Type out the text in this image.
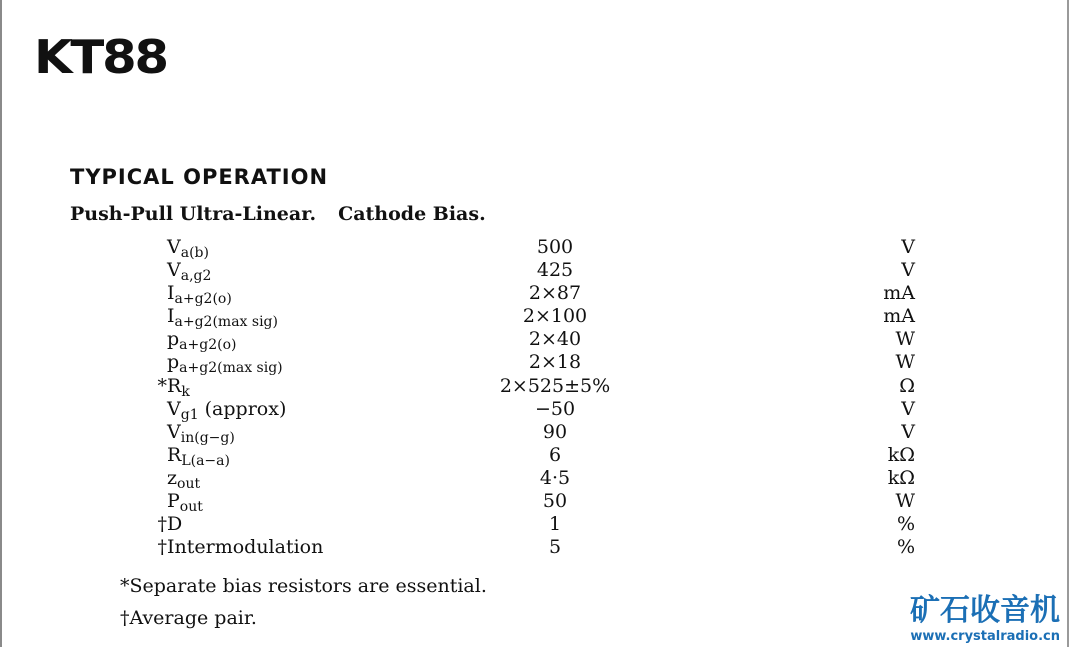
KT88
TYPICAL OPERATION
Push-Pull Ultra-Linear. Cathode Bias.
$V_{a(b)}$	500	V
$V_{a,g2}$	425	V
$I_{a+g2(o)}$	2×87	mA
$I_{a+g2(max sig)}$	2×100	mA
$p_{a+g2(o)}$	2×40	W
$p_{a+g2(max sig)}$	2×18	W
$*R_k$	2×525±5%	Ω
$V_{g1}$ (approx)	−50	V
$V_{in(g-g)}$	90	V
$R_{L(a-a)}$	6	kΩ
$z_{out}$	4·5	kΩ
$P_{out}$	50	W
†D	1	%
†Intermodulation	5	%
*Separate bias resistors are essential.
†Average pair.	矿石收音机
www.crystalradio.cn
